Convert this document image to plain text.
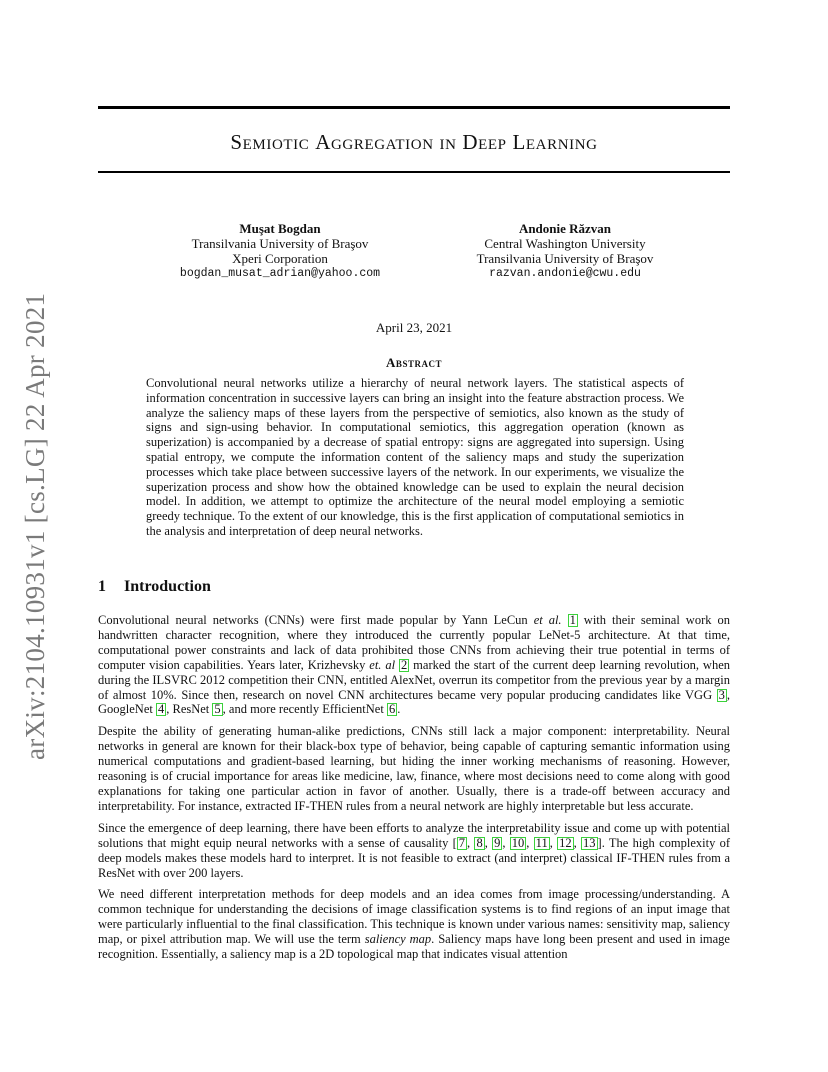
arXiv:2104.10931v1 [cs.LG] 22 Apr 2021
Semiotic Aggregation in Deep Learning
Muşat Bogdan
Transilvania University of Braşov
Xperi Corporation
bogdan_musat_adrian@yahoo.com
Andonie Răzvan
Central Washington University
Transilvania University of Braşov
razvan.andonie@cwu.edu
April 23, 2021
Abstract

Convolutional neural networks utilize a hierarchy of neural network layers. The statistical aspects of information concentration in successive layers can bring an insight into the feature abstraction process. We analyze the saliency maps of these layers from the perspective of semiotics, also known as the study of signs and sign-using behavior. In computational semiotics, this aggregation operation (known as superization) is accompanied by a decrease of spatial entropy: signs are aggregated into supersign. Using spatial entropy, we compute the information content of the saliency maps and study the superization processes which take place between successive layers of the network. In our experiments, we visualize the superization process and show how the obtained knowledge can be used to explain the neural decision model. In addition, we attempt to optimize the architecture of the neural model employing a semiotic greedy technique. To the extent of our knowledge, this is the first application of computational semiotics in the analysis and interpretation of deep neural networks.

1 Introduction

Convolutional neural networks (CNNs) were first made popular by Yann LeCun et al. 1 with their seminal work on handwritten character recognition, where they introduced the currently popular LeNet-5 architecture. At that time, computational power constraints and lack of data prohibited those CNNs from achieving their true potential in terms of computer vision capabilities. Years later, Krizhevsky et. al 2 marked the start of the current deep learning revolution, when during the ILSVRC 2012 competition their CNN, entitled AlexNet, overrun its competitor from the previous year by a margin of almost 10%. Since then, research on novel CNN architectures became very popular producing candidates like VGG 3 , GoogleNet 4 , ResNet 5 , and more recently EfficientNet 6 .

Despite the ability of generating human-alike predictions, CNNs still lack a major component: interpretability. Neural networks in general are known for their black-box type of behavior, being capable of capturing semantic information using numerical computations and gradient-based learning, but hiding the inner working mechanisms of reasoning. However, reasoning is of crucial importance for areas like medicine, law, finance, where most decisions need to come along with good explanations for taking one particular action in favor of another. Usually, there is a trade-off between accuracy and interpretability. For instance, extracted IF-THEN rules from a neural network are highly interpretable but less accurate.

Since the emergence of deep learning, there have been efforts to analyze the interpretability issue and come up with potential solutions that might equip neural networks with a sense of causality [ 7 , 8 , 9 , 10 , 11 , 12 , 13 ]. The high complexity of deep models makes these models hard to interpret. It is not feasible to extract (and interpret) classical IF-THEN rules from a ResNet with over 200 layers.

We need different interpretation methods for deep models and an idea comes from image processing/understanding. A common technique for understanding the decisions of image classification systems is to find regions of an input image that were particularly influential to the final classification. This technique is known under various names: sensitivity map, saliency map, or pixel attribution map. We will use the term saliency map. Saliency maps have long been present and used in image recognition. Essentially, a saliency map is a 2D topological map that indicates visual attention
